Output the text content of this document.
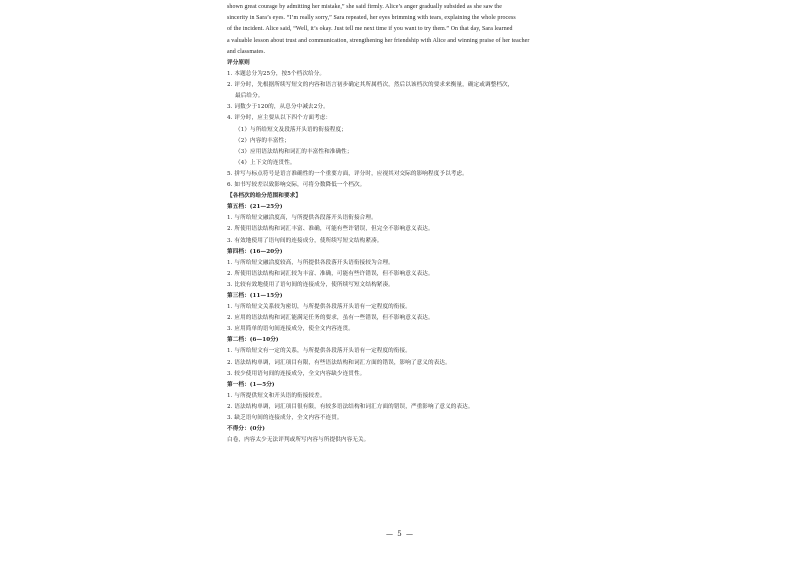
shown great courage by admitting her mistake,” she said firmly. Alice’s anger gradually subsided as she saw the
sincerity in Sara’s eyes. “I’m really sorry,” Sara repeated, her eyes brimming with tears, explaining the whole process
of the incident. Alice said, “Well, it’s okay. Just tell me next time if you want to try them.” On that day, Sara learned
a valuable lesson about trust and communication, strengthening her friendship with Alice and winning praise of her teacher
and classmates.
评分原则
1. 本题总分为25分，按5个档次给分。
2. 评分时，先根据所续写短文的内容和语言初步确定其所属档次，然后以该档次的要求来衡量，确定或调整档次，
最后给分。
3. 词数少于120的，从总分中减去2分。
4. 评分时，应主要从以下四个方面考虑：
（1）与所给短文及段落开头语的衔接程度；
（2）内容的丰富性；
（3）应用语法结构和词汇的丰富性和准确性；
（4）上下文的连贯性。
5. 拼写与标点符号是语言准确性的一个重要方面，评分时，应视其对交际的影响程度予以考虑。
6. 如书写较差以致影响交际，可将分数降低一个档次。
【各档次的给分范围和要求】
第五档：(21—25分)
1. 与所给短文融洽度高，与所提供各段落开头语衔接合理。
2. 所使用语法结构和词汇丰富、准确，可能有些许错误，但完全不影响意义表达。
3. 有效地使用了语句间的连接成分，使所续写短文结构紧凑。
第四档：(16—20分)
1. 与所给短文融洽度较高，与所提供各段落开头语衔接较为合理。
2. 所使用语法结构和词汇较为丰富、准确，可能有些许错误，但不影响意义表达。
3. 比较有效地使用了语句间的连接成分，使所续写短文结构紧凑。
第三档：(11—15分)
1. 与所给短文关系较为密切，与所提供各段落开头语有一定程度的衔接。
2. 应用的语法结构和词汇能满足任务的要求，虽有一些错误，但不影响意义表达。
3. 应用简单的语句间连接成分，使全文内容连贯。
第二档：(6—10分)
1. 与所给短文有一定的关系，与所提供各段落开头语有一定程度的衔接。
2. 语法结构单调，词汇项目有限，有些语法结构和词汇方面的错误，影响了意义的表达。
3. 较少使用语句间的连接成分，全文内容缺少连贯性。
第一档：(1—5分)
1. 与所提供短文和开头语的衔接较差。
2. 语法结构单调，词汇项目很有限，有较多语法结构和词汇方面的错误，严重影响了意义的表达。
3. 缺乏语句间的连接成分，全文内容不连贯。
不得分：(0分)
白卷，内容太少无法评判或所写内容与所提供内容无关。
— 5 —
